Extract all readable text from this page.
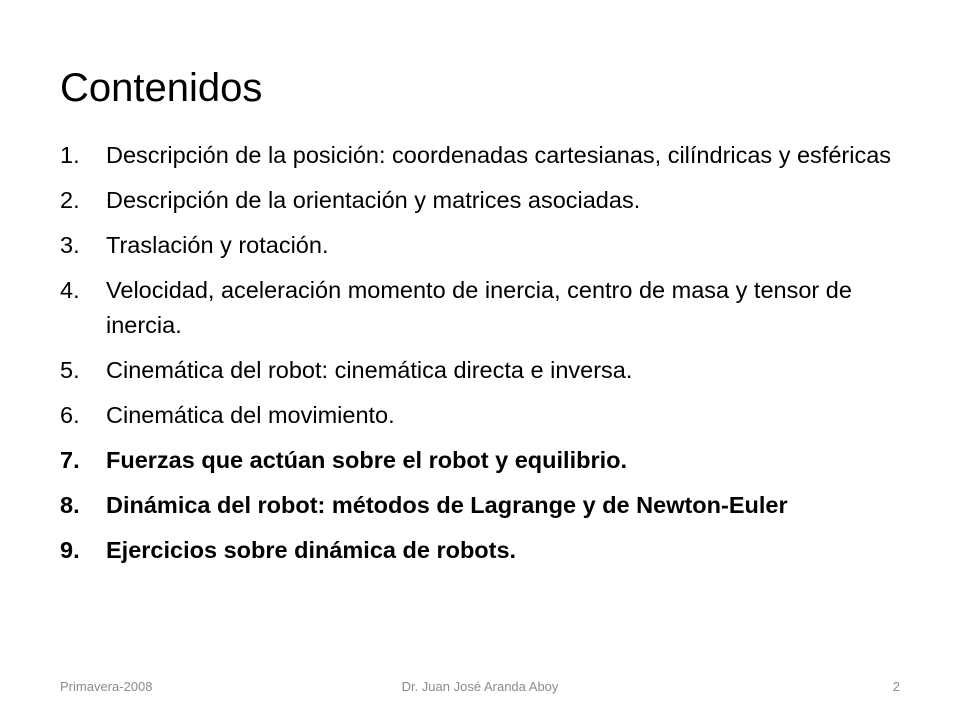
Contenidos
1. Descripción de la posición: coordenadas cartesianas, cilíndricas y esféricas
2. Descripción de la orientación y matrices asociadas.
3. Traslación y rotación.
4. Velocidad, aceleración momento de inercia, centro de masa y tensor de inercia.
5. Cinemática del robot: cinemática directa e inversa.
6. Cinemática del movimiento.
7. Fuerzas que actúan sobre el robot y equilibrio.
8. Dinámica del robot: métodos de Lagrange y de Newton-Euler
9. Ejercicios sobre dinámica de robots.
Dr. Juan José Aranda Aboy
Primavera-2008	2
